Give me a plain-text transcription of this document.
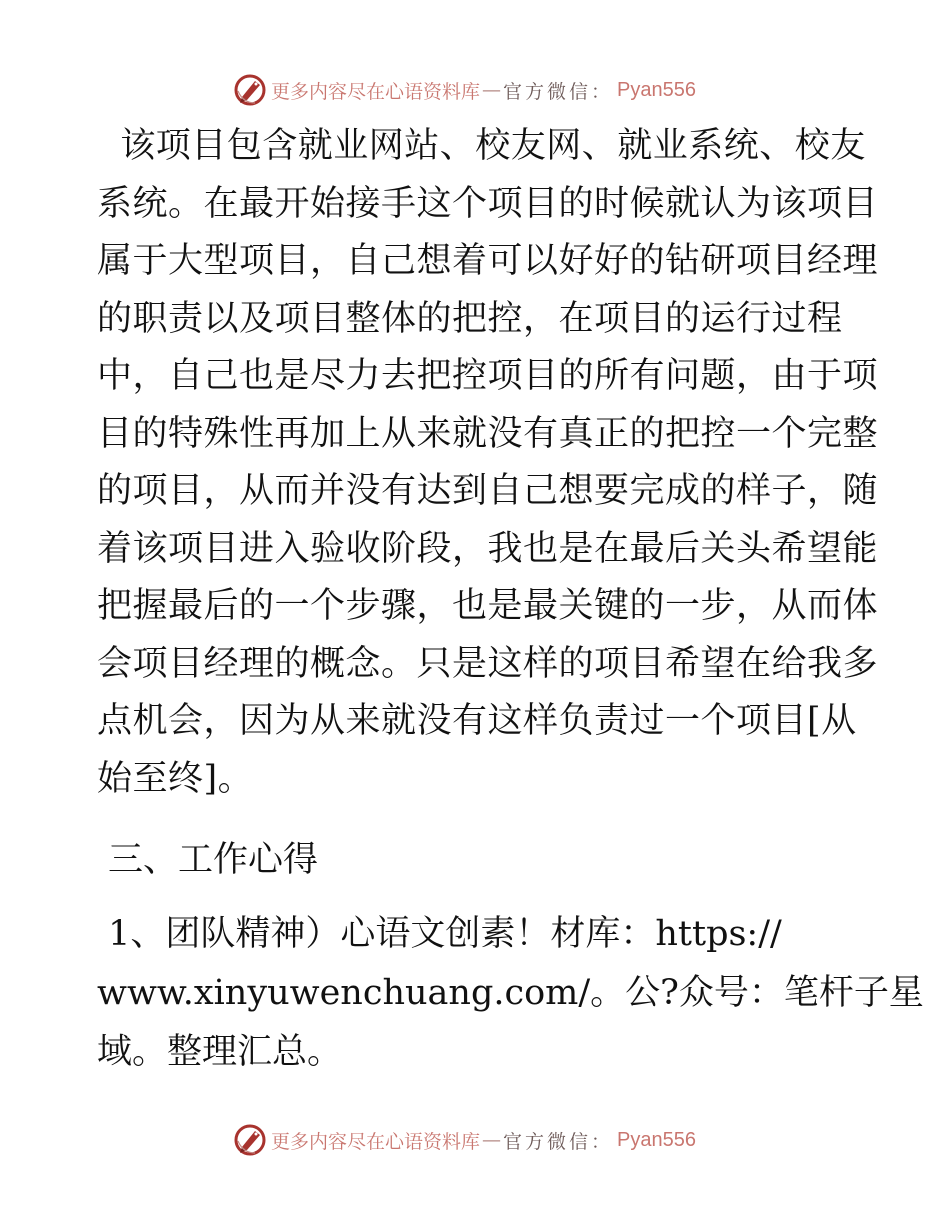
更多内容尽在心语资料库 — 官方微信： Pyan556

该项目包含就业网站、校友网、就业系统、校友
系统。在最开始接手这个项目的时候就认为该项目
属于大型项目，自己想着可以好好的钻研项目经理
的职责以及项目整体的把控，在项目的运行过程
中，自己也是尽力去把控项目的所有问题，由于项
目的特殊性再加上从来就没有真正的把控一个完整
的项目，从而并没有达到自己想要完成的样子，随
着该项目进入验收阶段，我也是在最后关头希望能
把握最后的一个步骤，也是最关键的一步，从而体
会项目经理的概念。只是这样的项目希望在给我多
点机会，因为从来就没有这样负责过一个项目[从
始至终]。

三、工作心得
1、团队精神）心语文创素！材库：https://
www.xinyuwenchuang.com/。公?众号：笔杆子星
域。整理汇总。
更多内容尽在心语资料库 — 官方微信： Pyan556
